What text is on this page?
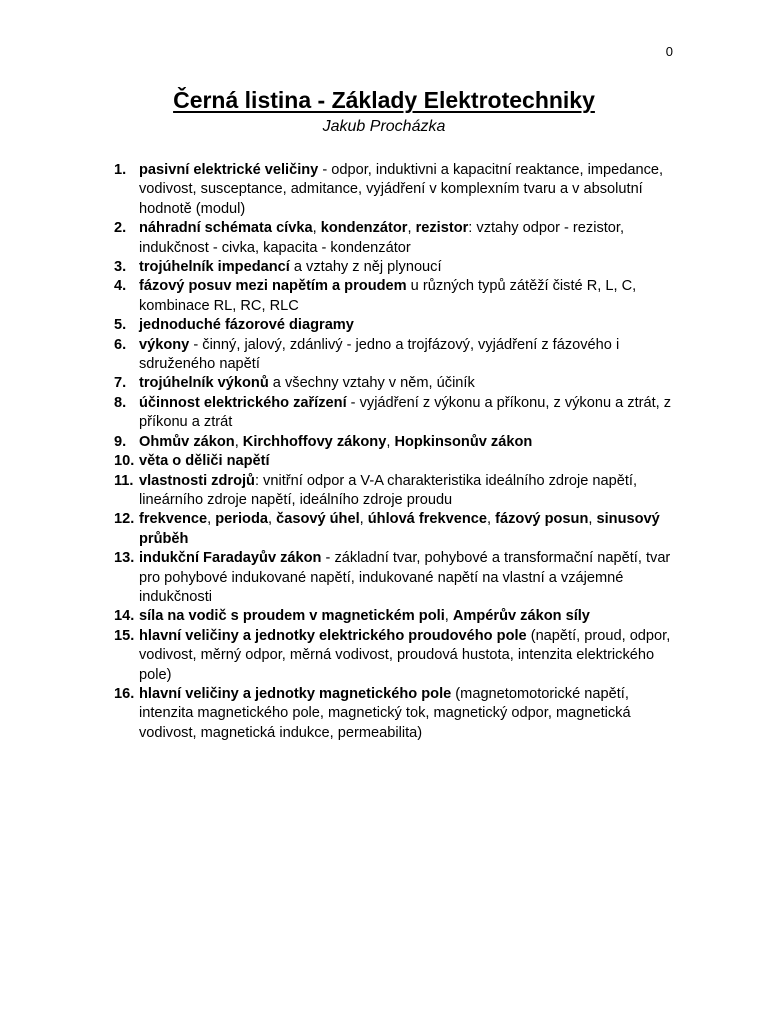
0
Černá listina - Základy Elektrotechniky

Jakub Procházka

1. pasivní elektrické veličiny - odpor, induktivni a kapacitní reaktance, impedance, vodivost, susceptance, admitance, vyjádření v komplexním tvaru a v absolutní hodnotě (modul)
2. náhradní schémata cívka, kondenzátor, rezistor: vztahy odpor - rezistor, indukčnost - civka, kapacita - kondenzátor
3. trojúhelník impedancí a vztahy z něj plynoucí
4. fázový posuv mezi napětím a proudem u různých typů zátěží čisté R, L, C, kombinace RL, RC, RLC
5. jednoduché fázorové diagramy
6. výkony - činný, jalový, zdánlivý - jedno a trojfázový, vyjádření z fázového i sdruženého napětí
7. trojúhelník výkonů a všechny vztahy v něm, účiník
8. účinnost elektrického zařízení - vyjádření z výkonu a příkonu, z výkonu a ztrát, z příkonu a ztrát
9. Ohmův zákon, Kirchhoffovy zákony, Hopkinsonův zákon
10. věta o děliči napětí
11. vlastnosti zdrojů: vnitřní odpor a V-A charakteristika ideálního zdroje napětí, lineárního zdroje napětí, ideálního zdroje proudu
12. frekvence, perioda, časový úhel, úhlová frekvence, fázový posun, sinusový průběh
13. indukční Faradayův zákon - základní tvar, pohybové a transformační napětí, tvar pro pohybové indukované napětí, indukované napětí na vlastní a vzájemné indukčnosti
14. síla na vodič s proudem v magnetickém poli, Ampérův zákon síly
15. hlavní veličiny a jednotky elektrického proudového pole (napětí, proud, odpor, vodivost, měrný odpor, měrná vodivost, proudová hustota, intenzita elektrického pole)
16. hlavní veličiny a jednotky magnetického pole (magnetomotorické napětí, intenzita magnetického pole, magnetický tok, magnetický odpor, magnetická vodivost, magnetická indukce, permeabilita)
